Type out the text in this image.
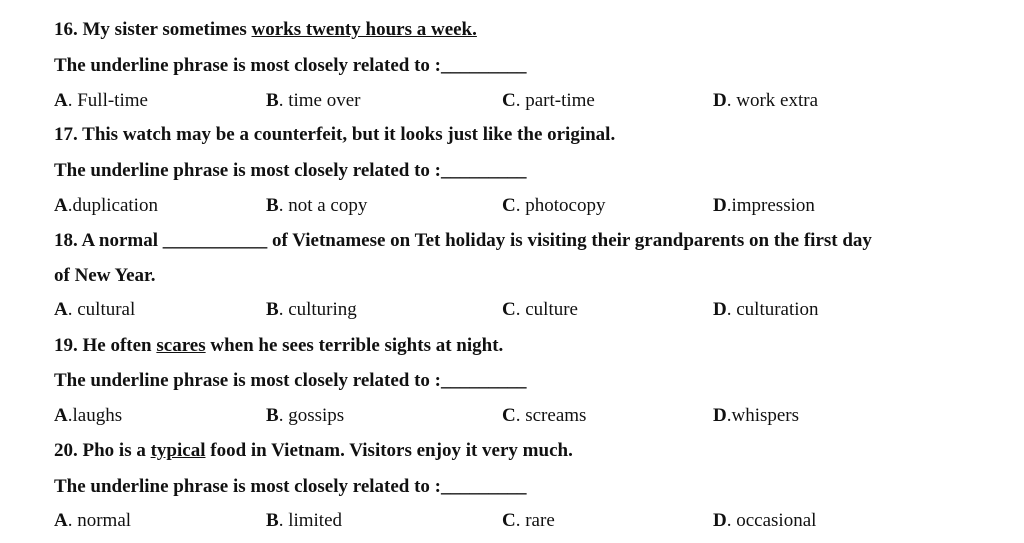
16. My sister sometimes works twenty hours a week.
The underline phrase is most closely related to :_________
A. Full-time	B. time over	C. part-time	D. work extra
17. This watch may be a counterfeit, but it looks just like the original.
The underline phrase is most closely related to :_________
A.duplication	B. not a copy	C. photocopy	D.impression
18. A normal ___________ of Vietnamese on Tet holiday is visiting their grandparents on the first day
of New Year.
A. cultural	B. culturing	C. culture	D. culturation
19. He often scares when he sees terrible sights at night.
The underline phrase is most closely related to :_________
A.laughs	B. gossips	C. screams	D.whispers
20. Pho is a typical food in Vietnam. Visitors enjoy it very much.
The underline phrase is most closely related to :_________
A. normal	B. limited	C. rare	D. occasional
